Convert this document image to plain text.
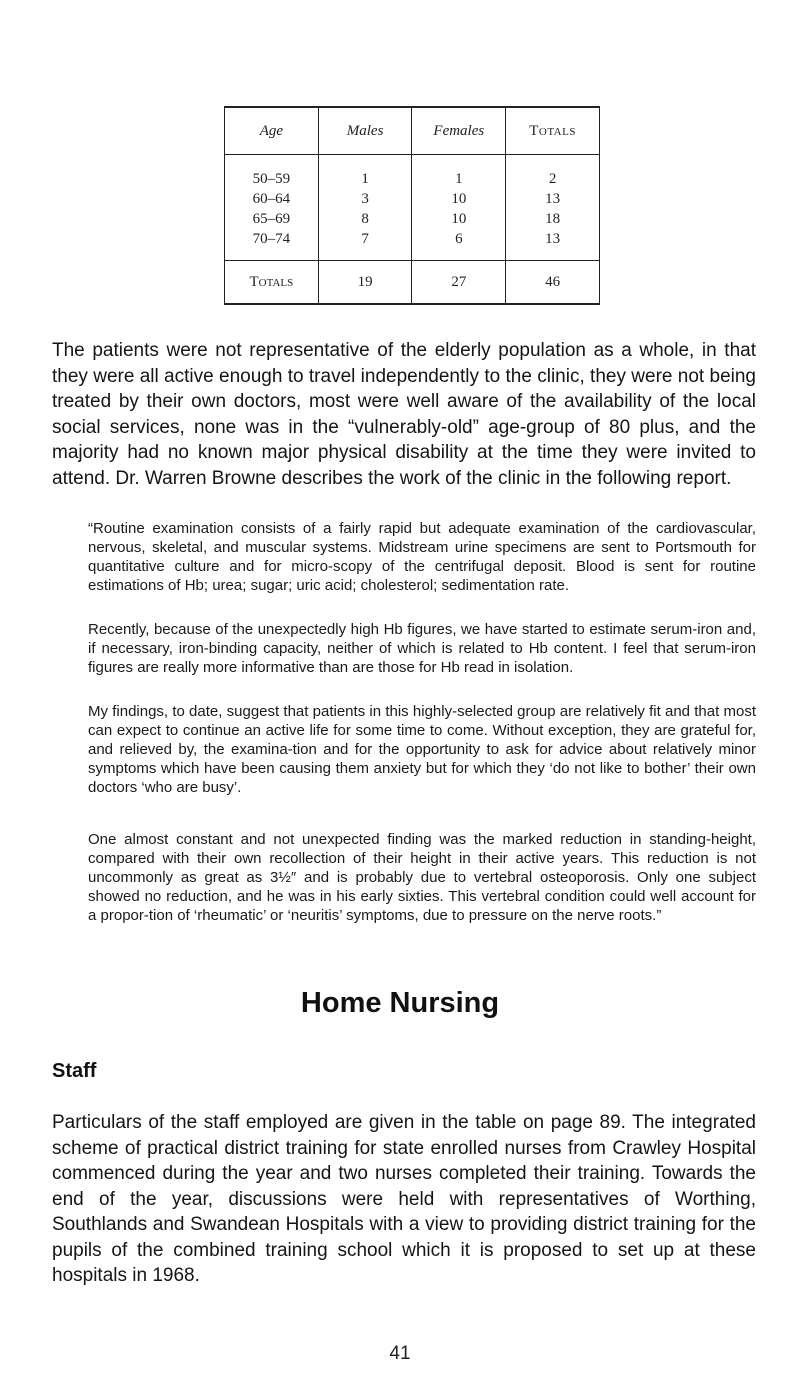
Age	Males	Females	Totals
50–59	1	1	2
60–64	3	10	13
65–69	8	10	18
70–74	7	6	13
Totals	19	27	46

The patients were not representative of the elderly population as a whole, in that they were all active enough to travel independently to the clinic, they were not being treated by their own doctors, most were well aware of the availability of the local social services, none was in the “vulnerably-old” age-group of 80 plus, and the majority had no known major physical disability at the time they were invited to attend. Dr. Warren Browne describes the work of the clinic in the following report.

“Routine examination consists of a fairly rapid but adequate examination of the cardiovascular, nervous, skeletal, and muscular systems. Midstream urine specimens are sent to Portsmouth for quantitative culture and for micro-scopy of the centrifugal deposit. Blood is sent for routine estimations of Hb; urea; sugar; uric acid; cholesterol; sedimentation rate.

Recently, because of the unexpectedly high Hb figures, we have started to estimate serum-iron and, if necessary, iron-binding capacity, neither of which is related to Hb content. I feel that serum-iron figures are really more informative than are those for Hb read in isolation.

My findings, to date, suggest that patients in this highly-selected group are relatively fit and that most can expect to continue an active life for some time to come. Without exception, they are grateful for, and relieved by, the examina-tion and for the opportunity to ask for advice about relatively minor symptoms which have been causing them anxiety but for which they ‘do not like to bother’ their own doctors ‘who are busy’.

One almost constant and not unexpected finding was the marked reduction in standing-height, compared with their own recollection of their height in their active years. This reduction is not uncommonly as great as 3½″ and is probably due to vertebral osteoporosis. Only one subject showed no reduction, and he was in his early sixties. This vertebral condition could well account for a propor-tion of ‘rheumatic’ or ‘neuritis’ symptoms, due to pressure on the nerve roots.”

Home Nursing
Staff

Particulars of the staff employed are given in the table on page 89. The integrated scheme of practical district training for state enrolled nurses from Crawley Hospital commenced during the year and two nurses completed their training. Towards the end of the year, discussions were held with representatives of Worthing, Southlands and Swandean Hospitals with a view to providing district training for the pupils of the combined training school which it is proposed to set up at these hospitals in 1968.

41
